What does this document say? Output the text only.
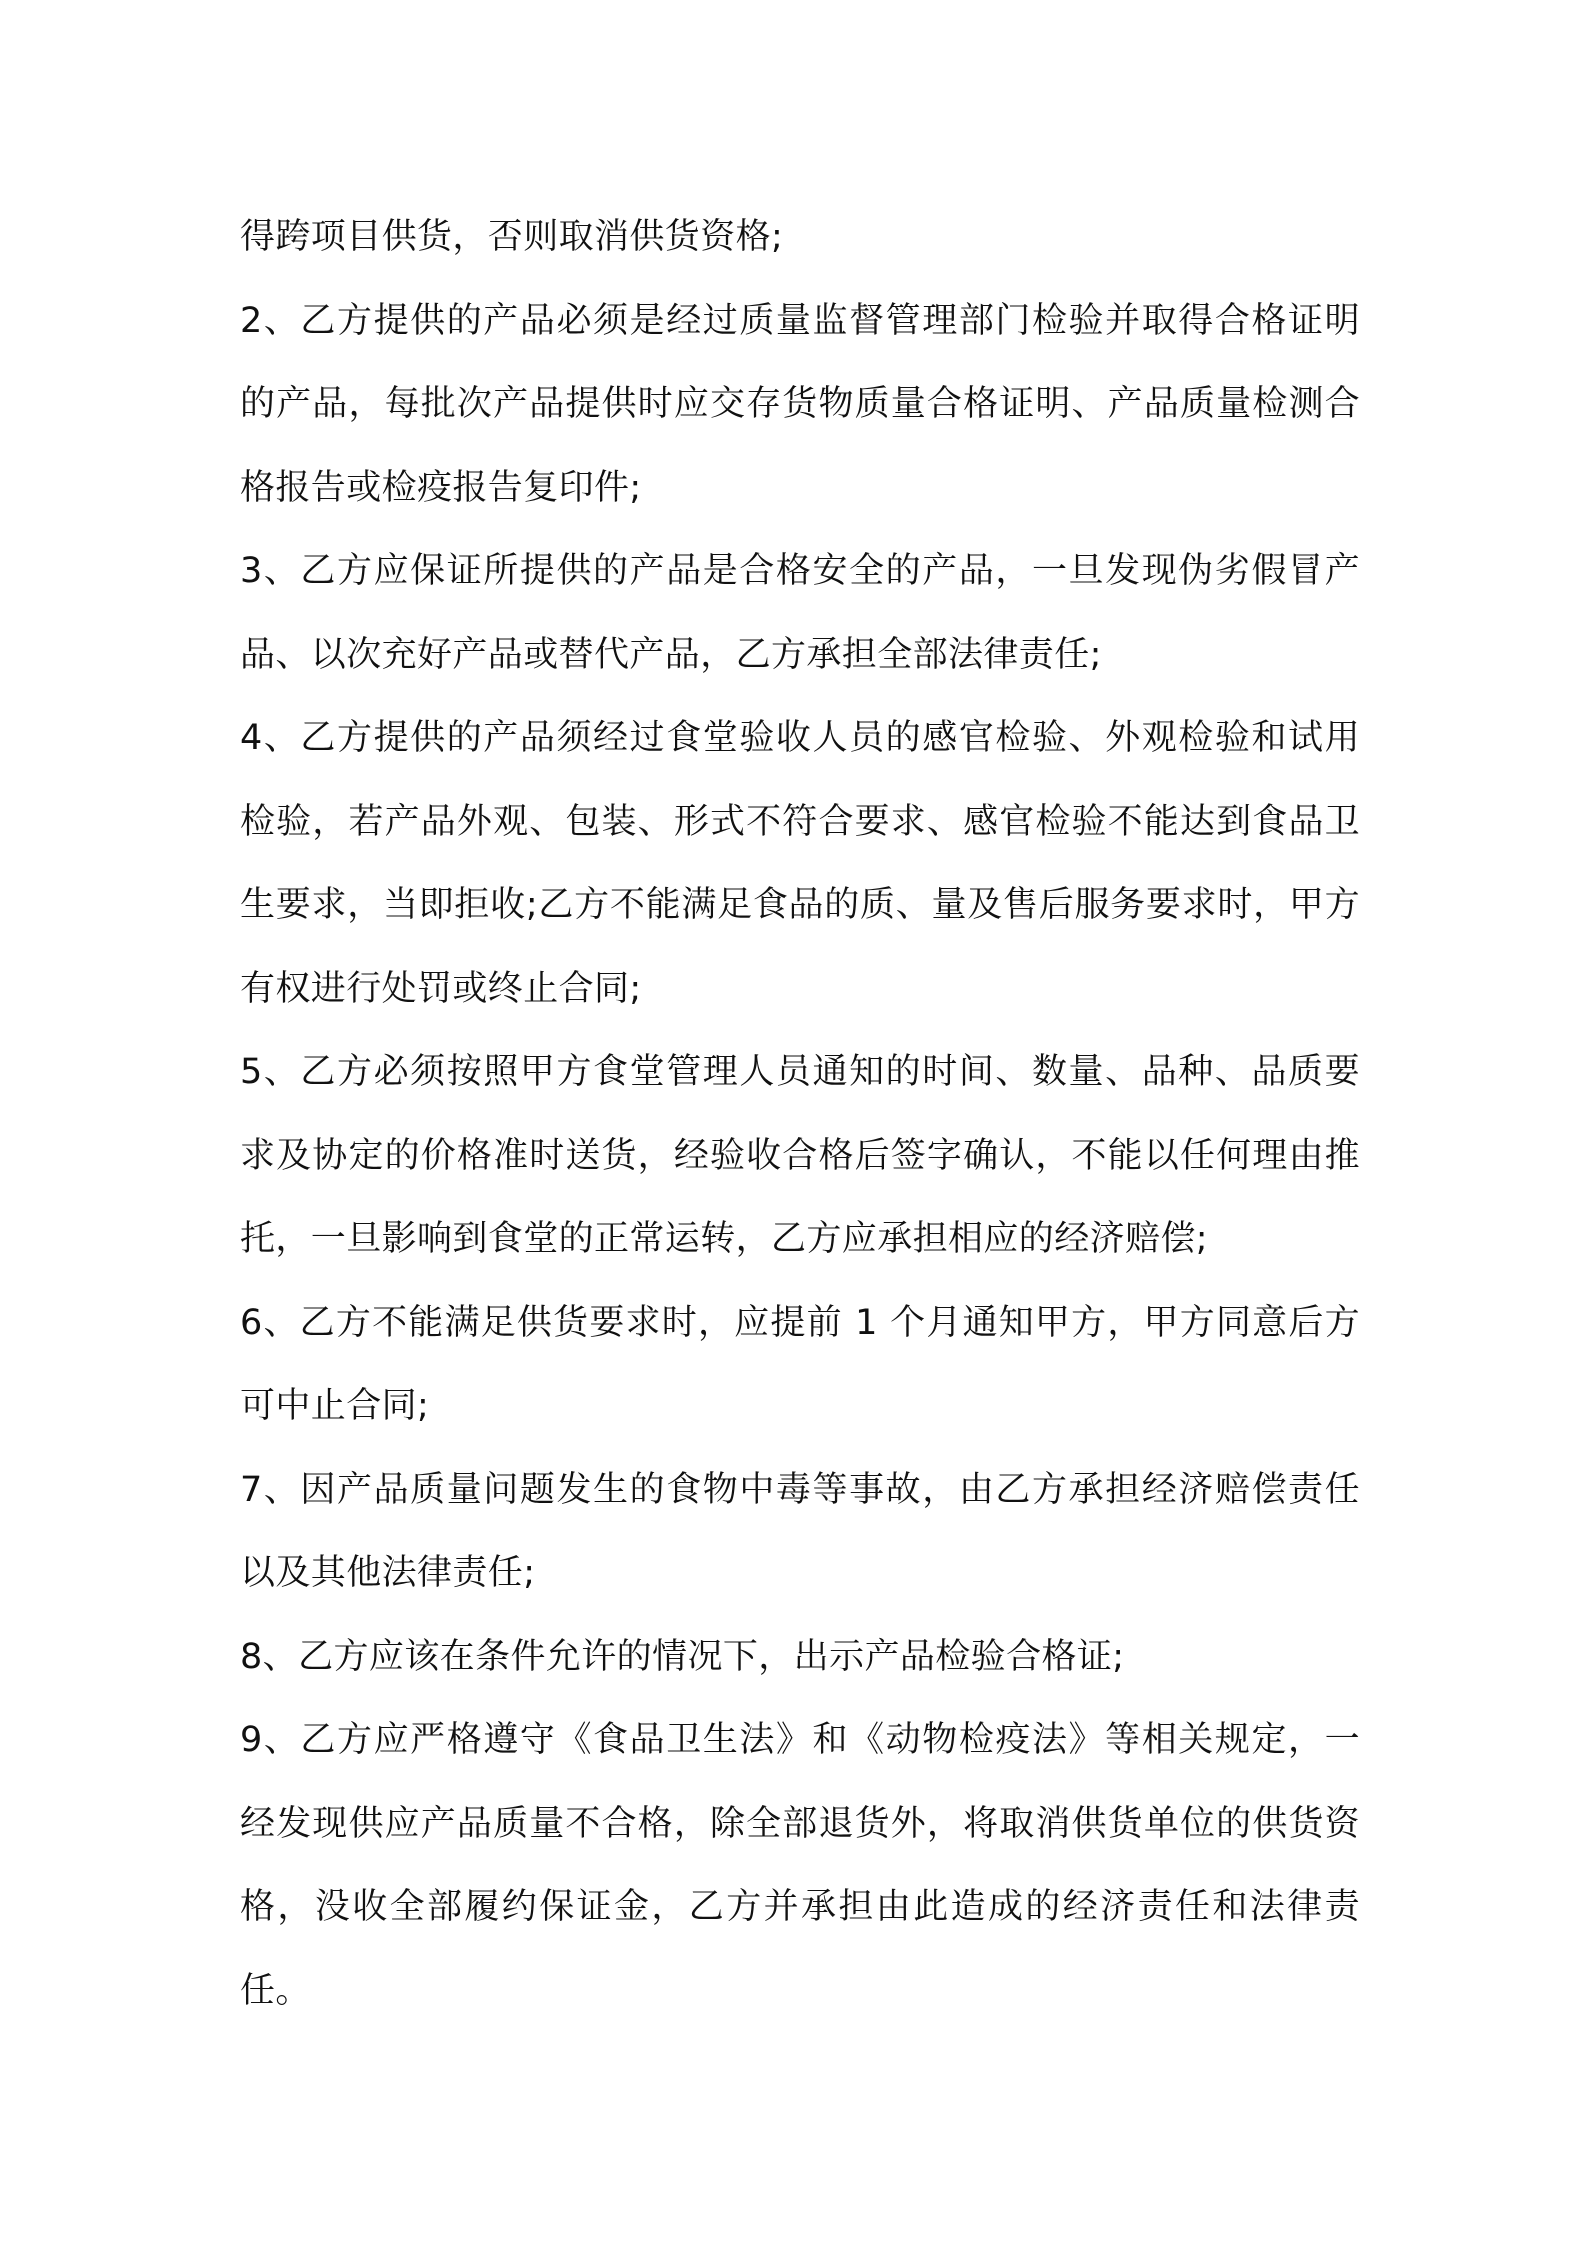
得跨项目供货，否则取消供货资格;

2、乙方提供的产品必须是经过质量监督管理部门检验并取得合格证明的产品，每批次产品提供时应交存货物质量合格证明、产品质量检测合格报告或检疫报告复印件;

3、乙方应保证所提供的产品是合格安全的产品，一旦发现伪劣假冒产品、以次充好产品或替代产品，乙方承担全部法律责任;

4、乙方提供的产品须经过食堂验收人员的感官检验、外观检验和试用检验，若产品外观、包装、形式不符合要求、感官检验不能达到食品卫生要求，当即拒收;乙方不能满足食品的质、量及售后服务要求时，甲方有权进行处罚或终止合同;

5、乙方必须按照甲方食堂管理人员通知的时间、数量、品种、品质要求及协定的价格准时送货，经验收合格后签字确认，不能以任何理由推托，一旦影响到食堂的正常运转，乙方应承担相应的经济赔偿;

6、乙方不能满足供货要求时，应提前 1 个月通知甲方，甲方同意后方可中止合同;

7、因产品质量问题发生的食物中毒等事故，由乙方承担经济赔偿责任以及其他法律责任;

8、乙方应该在条件允许的情况下，出示产品检验合格证;

9、乙方应严格遵守《食品卫生法》和《动物检疫法》等相关规定，一经发现供应产品质量不合格，除全部退货外，将取消供货单位的供货资格，没收全部履约保证金，乙方并承担由此造成的经济责任和法律责任。
